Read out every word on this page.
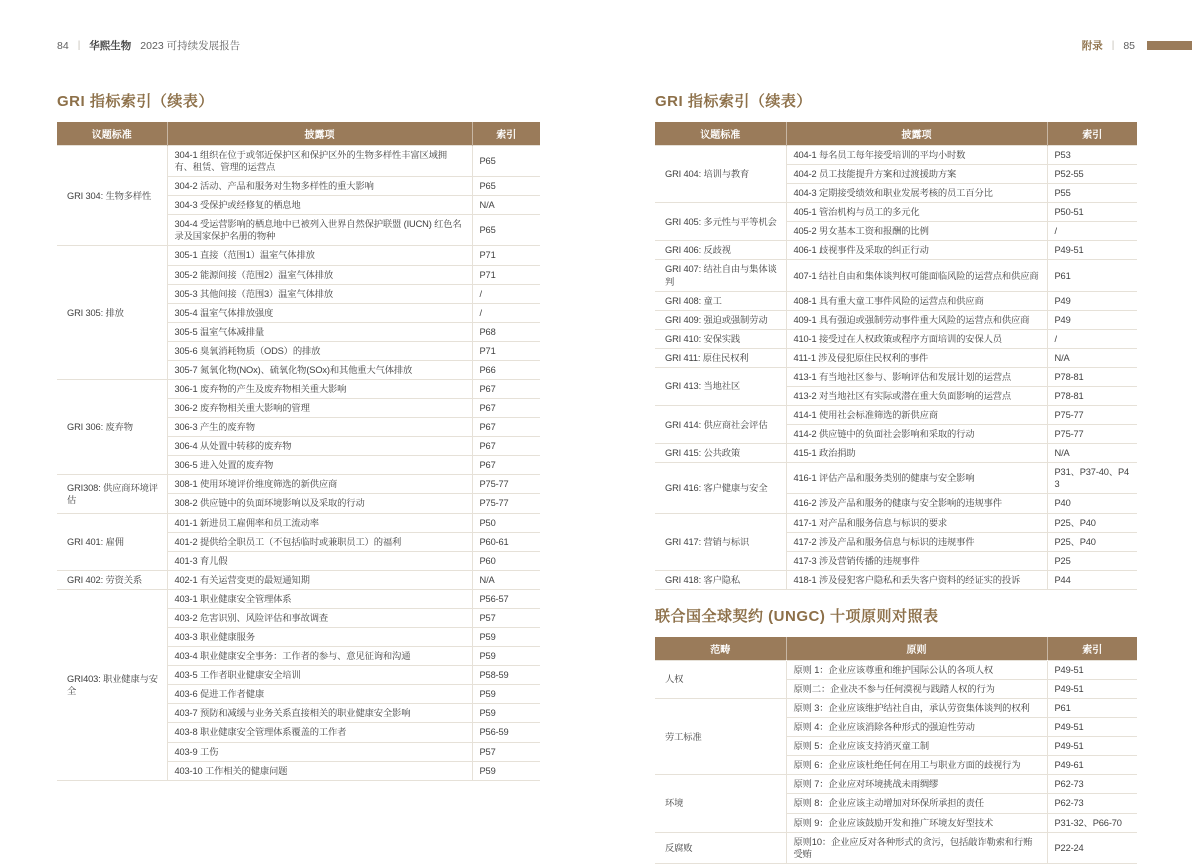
84 | 华熙生物 2023 可持续发展报告	附录 | 85
GRI 指标索引（续表）
议题标准	披露项	索引
GRI 304: 生物多样性	304-1 组织在位于或邻近保护区和保护区外的生物多样性丰富区域拥有、租赁、管理的运营点	P65
	304-2 活动、产品和服务对生物多样性的重大影响	P65
	304-3 受保护或经修复的栖息地	N/A
	304-4 受运营影响的栖息地中已被列入世界自然保护联盟 (IUCN) 红色名录及国家保护名册的物种	P65
GRI 305: 排放	305-1 直接（范围1）温室气体排放	P71
	305-2 能源间接（范围2）温室气体排放	P71
	305-3 其他间接（范围3）温室气体排放	/
	305-4 温室气体排放强度	/
	305-5 温室气体减排量	P68
	305-6 臭氧消耗物质（ODS）的排放	P71
	305-7 氮氧化物(NOx)、硫氧化物(SOx)和其他重大气体排放	P66
GRI 306: 废弃物	306-1 废弃物的产生及废弃物相关重大影响	P67
	306-2 废弃物相关重大影响的管理	P67
	306-3 产生的废弃物	P67
	306-4 从处置中转移的废弃物	P67
	306-5 进入处置的废弃物	P67
GRI308: 供应商环境评估	308-1 使用环境评价维度筛选的新供应商	P75-77
	308-2 供应链中的负面环境影响以及采取的行动	P75-77
GRI 401: 雇佣	401-1 新进员工雇佣率和员工流动率	P50
	401-2 提供给全职员工（不包括临时或兼职员工）的福利	P60-61
	401-3 育儿假	P60
GRI 402: 劳资关系	402-1 有关运营变更的最短通知期	N/A
GRI403: 职业健康与安全	403-1 职业健康安全管理体系	P56-57
	403-2 危害识别、风险评估和事故调查	P57
	403-3 职业健康服务	P59
	403-4 职业健康安全事务：工作者的参与、意见征询和沟通	P59
	403-5 工作者职业健康安全培训	P58-59
	403-6 促进工作者健康	P59
	403-7 预防和减缓与业务关系直接相关的职业健康安全影响	P59
	403-8 职业健康安全管理体系覆盖的工作者	P56-59
	403-9 工伤	P57
	403-10 工作相关的健康问题	P59
GRI 指标索引（续表）
议题标准	披露项	索引
GRI 404: 培训与教育	404-1 每名员工每年接受培训的平均小时数	P53
	404-2 员工技能提升方案和过渡援助方案	P52-55
	404-3 定期接受绩效和职业发展考核的员工百分比	P55
GRI 405: 多元性与平等机会	405-1 管治机构与员工的多元化	P50-51
	405-2 男女基本工资和报酬的比例	/
GRI 406: 反歧视	406-1 歧视事件及采取的纠正行动	P49-51
GRI 407: 结社自由与集体谈判	407-1 结社自由和集体谈判权可能面临风险的运营点和供应商	P61
GRI 408: 童工	408-1 具有重大童工事件风险的运营点和供应商	P49
GRI 409: 强迫或强制劳动	409-1 具有强迫或强制劳动事件重大风险的运营点和供应商	P49
GRI 410: 安保实践	410-1 接受过在人权政策或程序方面培训的安保人员	/
GRI 411: 原住民权利	411-1 涉及侵犯原住民权利的事件	N/A
GRI 413: 当地社区	413-1 有当地社区参与、影响评估和发展计划的运营点	P78-81
	413-2 对当地社区有实际或潜在重大负面影响的运营点	P78-81
GRI 414: 供应商社会评估	414-1 使用社会标准筛选的新供应商	P75-77
	414-2 供应链中的负面社会影响和采取的行动	P75-77
GRI 415: 公共政策	415-1 政治捐助	N/A
GRI 416: 客户健康与安全	416-1 评估产品和服务类别的健康与安全影响	P31、P37-40、P43
	416-2 涉及产品和服务的健康与安全影响的违规事件	P40
GRI 417: 营销与标识	417-1 对产品和服务信息与标识的要求	P25、P40
	417-2 涉及产品和服务信息与标识的违规事件	P25、P40
	417-3 涉及营销传播的违规事件	P25
GRI 418: 客户隐私	418-1 涉及侵犯客户隐私和丢失客户资料的经证实的投诉	P44
联合国全球契约 (UNGC) 十项原则对照表
范畴	原则	索引
人权	原则 1：企业应该尊重和维护国际公认的各项人权	P49-51
	原则二：企业决不参与任何漠视与践踏人权的行为	P49-51
劳工标准	原则 3：企业应该维护结社自由，承认劳资集体谈判的权利	P61
	原则 4：企业应该消除各种形式的强迫性劳动	P49-51
	原则 5：企业应该支持消灭童工制	P49-51
	原则 6：企业应该杜绝任何在用工与职业方面的歧视行为	P49-61
环境	原则 7：企业应对环境挑战未雨绸缪	P62-73
	原则 8：企业应该主动增加对环保所承担的责任	P62-73
	原则 9：企业应该鼓励开发和推广环境友好型技术	P31-32、P66-70
反腐败	原则10：企业应反对各种形式的贪污，包括敲诈勒索和行贿受贿	P22-24
